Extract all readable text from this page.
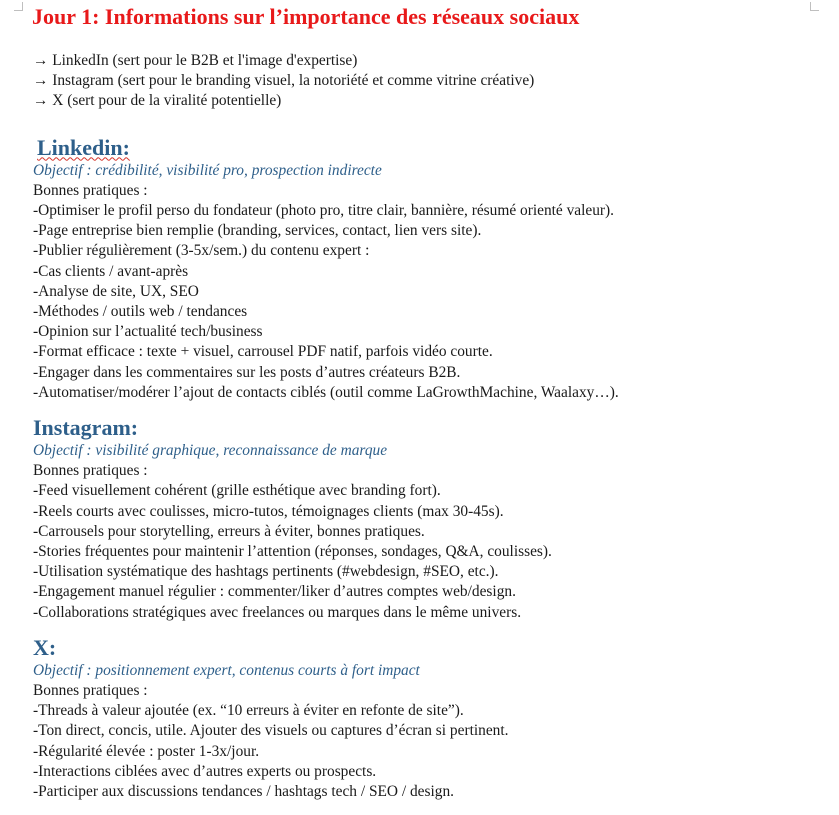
Jour 1: Informations sur l’importance des réseaux sociaux
→ LinkedIn (sert pour le B2B et l'image d'expertise)
→ Instagram (sert pour le branding visuel, la notoriété et comme vitrine créative)
→ X (sert pour de la viralité potentielle)
Linkedin:
Objectif : crédibilité, visibilité pro, prospection indirecte
Bonnes pratiques :
-Optimiser le profil perso du fondateur (photo pro, titre clair, bannière, résumé orienté valeur).
-Page entreprise bien remplie (branding, services, contact, lien vers site).
-Publier régulièrement (3-5x/sem.) du contenu expert :
-Cas clients / avant-après
-Analyse de site, UX, SEO
-Méthodes / outils web / tendances
-Opinion sur l’actualité tech/business
-Format efficace : texte + visuel, carrousel PDF natif, parfois vidéo courte.
-Engager dans les commentaires sur les posts d’autres créateurs B2B.
-Automatiser/modérer l’ajout de contacts ciblés (outil comme LaGrowthMachine, Waalaxy…).
Instagram:
Objectif : visibilité graphique, reconnaissance de marque
Bonnes pratiques :
-Feed visuellement cohérent (grille esthétique avec branding fort).
-Reels courts avec coulisses, micro-tutos, témoignages clients (max 30-45s).
-Carrousels pour storytelling, erreurs à éviter, bonnes pratiques.
-Stories fréquentes pour maintenir l’attention (réponses, sondages, Q&A, coulisses).
-Utilisation systématique des hashtags pertinents (#webdesign, #SEO, etc.).
-Engagement manuel régulier : commenter/liker d’autres comptes web/design.
-Collaborations stratégiques avec freelances ou marques dans le même univers.
X:
Objectif : positionnement expert, contenus courts à fort impact
Bonnes pratiques :
-Threads à valeur ajoutée (ex. “10 erreurs à éviter en refonte de site”).
-Ton direct, concis, utile. Ajouter des visuels ou captures d’écran si pertinent.
-Régularité élevée : poster 1-3x/jour.
-Interactions ciblées avec d’autres experts ou prospects.
-Participer aux discussions tendances / hashtags tech / SEO / design.
